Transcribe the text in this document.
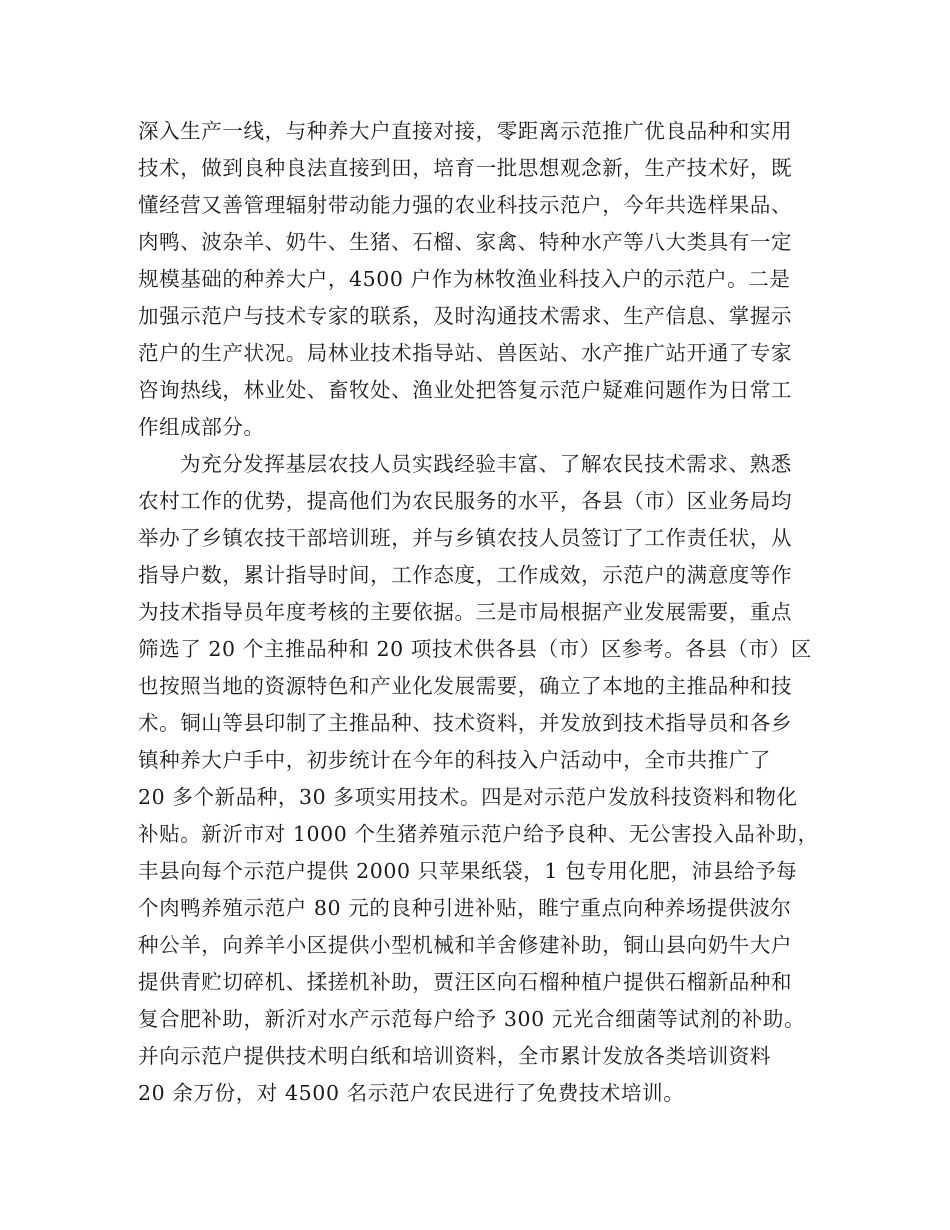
深入生产一线，与种养大户直接对接，零距离示范推广优良品种和实用
技术，做到良种良法直接到田，培育一批思想观念新，生产技术好，既
懂经营又善管理辐射带动能力强的农业科技示范户，今年共选样果品、
肉鸭、波杂羊、奶牛、生猪、石榴、家禽、特种水产等八大类具有一定
规模基础的种养大户，4500 户作为林牧渔业科技入户的示范户。二是
加强示范户与技术专家的联系，及时沟通技术需求、生产信息、掌握示
范户的生产状况。局林业技术指导站、兽医站、水产推广站开通了专家
咨询热线，林业处、畜牧处、渔业处把答复示范户疑难问题作为日常工
作组成部分。
为充分发挥基层农技人员实践经验丰富、了解农民技术需求、熟悉
农村工作的优势，提高他们为农民服务的水平，各县（市）区业务局均
举办了乡镇农技干部培训班，并与乡镇农技人员签订了工作责任状，从
指导户数，累计指导时间，工作态度，工作成效，示范户的满意度等作
为技术指导员年度考核的主要依据。三是市局根据产业发展需要，重点
筛选了 20 个主推品种和 20 项技术供各县（市）区参考。各县（市）区
也按照当地的资源特色和产业化发展需要，确立了本地的主推品种和技
术。铜山等县印制了主推品种、技术资料，并发放到技术指导员和各乡
镇种养大户手中，初步统计在今年的科技入户活动中，全市共推广了
20 多个新品种，30 多项实用技术。四是对示范户发放科技资料和物化
补贴。新沂市对 1000 个生猪养殖示范户给予良种、无公害投入品补助，
丰县向每个示范户提供 2000 只苹果纸袋，1 包专用化肥，沛县给予每
个肉鸭养殖示范户 80 元的良种引进补贴，睢宁重点向种养场提供波尔
种公羊，向养羊小区提供小型机械和羊舍修建补助，铜山县向奶牛大户
提供青贮切碎机、揉搓机补助，贾汪区向石榴种植户提供石榴新品种和
复合肥补助，新沂对水产示范每户给予 300 元光合细菌等试剂的补助。
并向示范户提供技术明白纸和培训资料，全市累计发放各类培训资料
20 余万份，对 4500 名示范户农民进行了免费技术培训。
